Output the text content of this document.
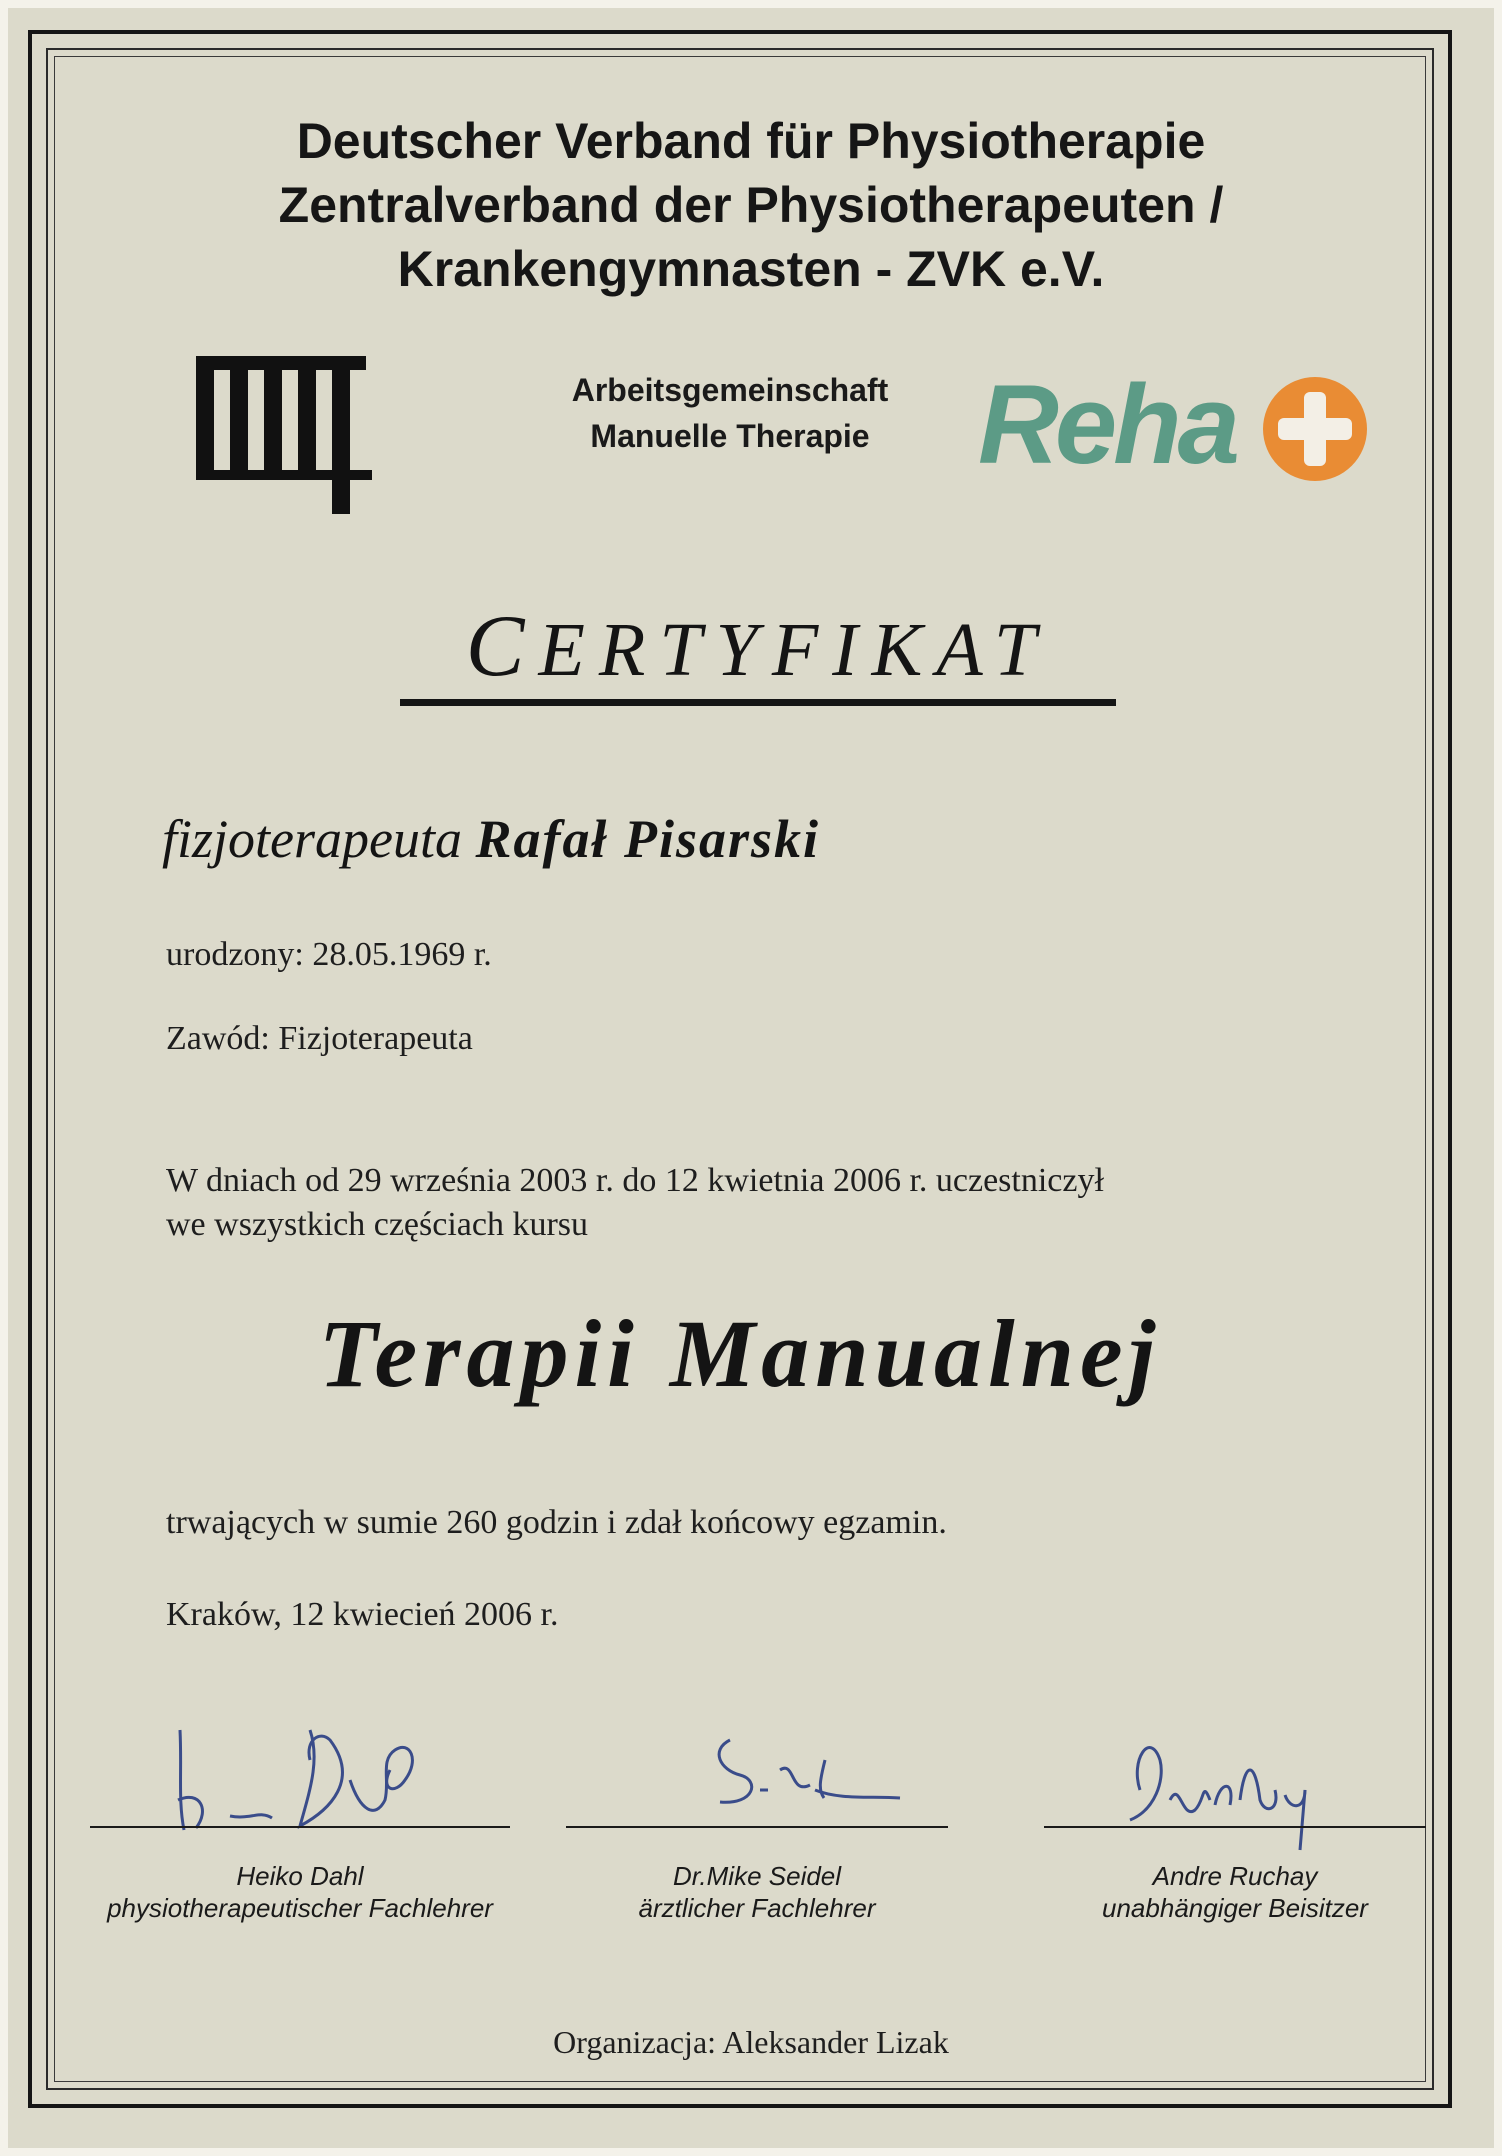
Deutscher Verband für Physiotherapie
Zentralverband der Physiotherapeuten /
Krankengymnasten - ZVK e.V.
Arbeitsgemeinschaft
Manuelle Therapie Reha
CERTYFIKAT
fizjoterapeuta Rafał Pisarski
urodzony: 28.05.1969 r.
Zawód: Fizjoterapeuta
W dniach od 29 września 2003 r. do 12 kwietnia 2006 r. uczestniczył
we wszystkich częściach kursu
Terapii Manualnej
trwających w sumie 260 godzin i zdał końcowy egzamin.
Kraków, 12 kwiecień 2006 r.
Heiko Dahl
physiotherapeutischer Fachlehrer
Dr.Mike Seidel
ärztlicher Fachlehrer
Andre Ruchay
unabhängiger Beisitzer
Organizacja: Aleksander Lizak
